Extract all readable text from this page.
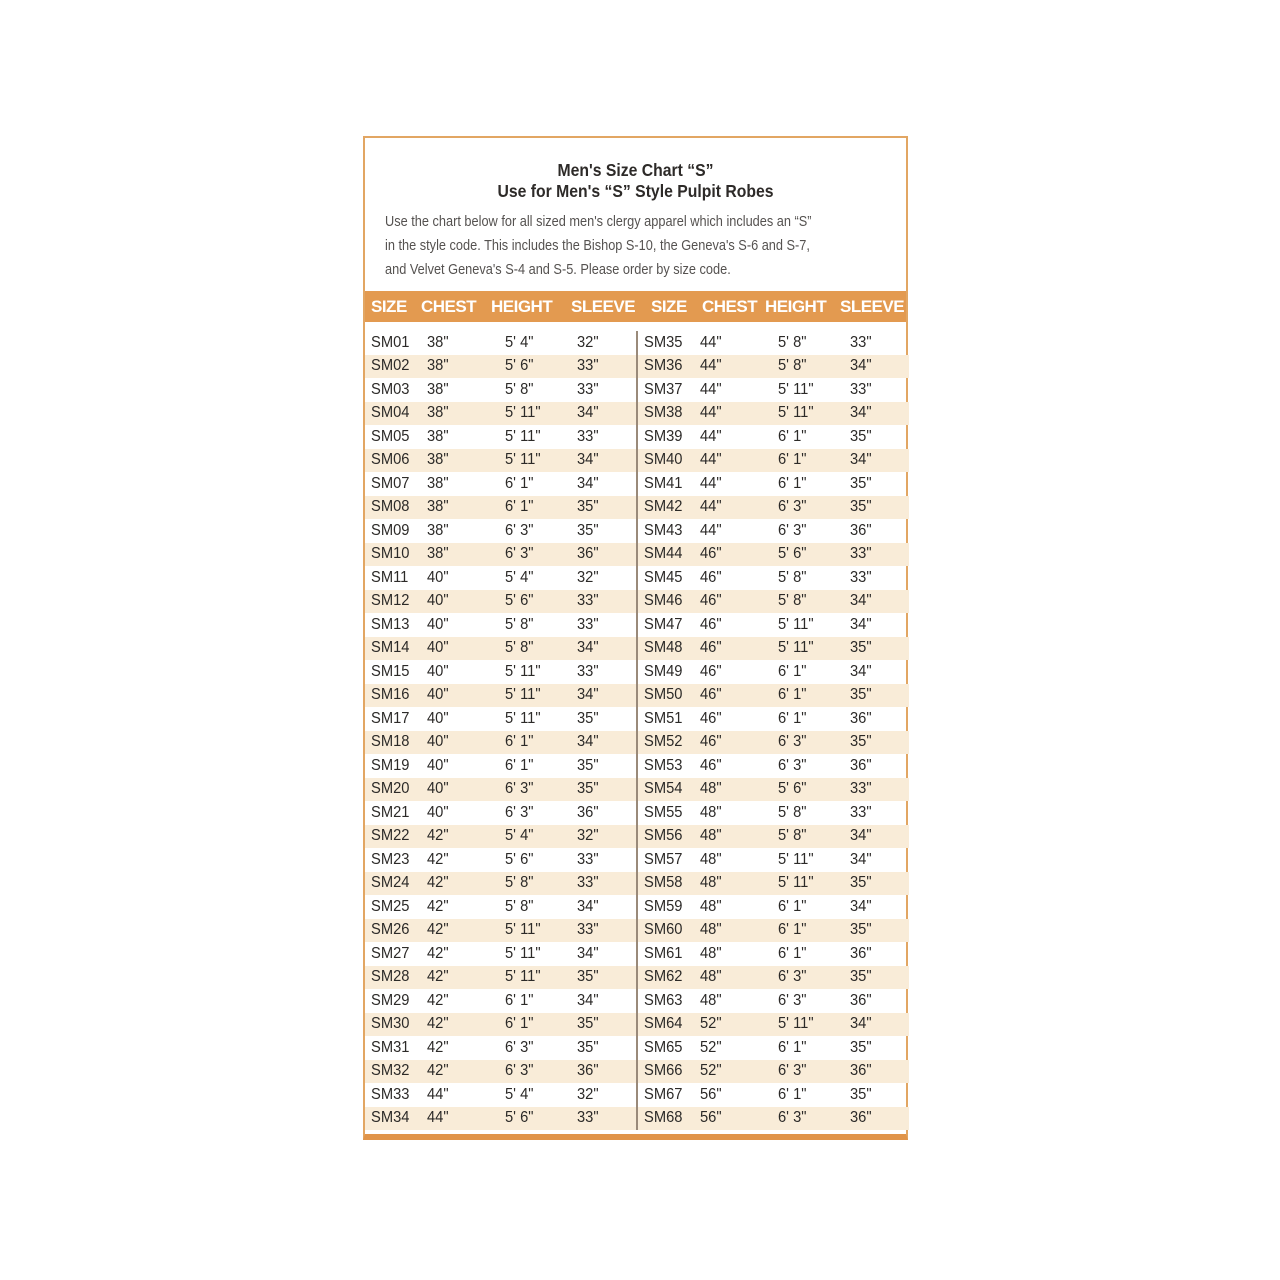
Men's Size Chart “S”
Use for Men's “S” Style Pulpit Robes
Use the chart below for all sized men's clergy apparel which includes an “S”
in the style code. This includes the Bishop S-10, the Geneva's S-6 and S-7,
and Velvet Geneva's S-4 and S-5. Please order by size code.
SIZE CHEST HEIGHT	SLEEVE SIZE CHEST HEIGHT SLEEVE
SM01	38"	5' 4"	32"
SM02	38"	5' 6"	33"
SM03	38"	5' 8"	33"
SM04	38"	5' 11"	34"
SM05	38"	5' 11"	33"
SM06	38"	5' 11"	34"
SM07	38"	6' 1"	34"
SM08	38"	6' 1"	35"
SM09	38"	6' 3"	35"
SM10	38"	6' 3"	36"
SM11	40"	5' 4"	32"
SM12	40"	5' 6"	33"
SM13	40"	5' 8"	33"
SM14	40"	5' 8"	34"
SM15	40"	5' 11"	33"
SM16	40"	5' 11"	34"
SM17	40"	5' 11"	35"
SM18	40"	6' 1"	34"
SM19	40"	6' 1"	35"
SM20	40"	6' 3"	35"
SM21	40"	6' 3"	36"
SM22	42"	5' 4"	32"
SM23	42"	5' 6"	33"
SM24	42"	5' 8"	33"
SM25	42"	5' 8"	34"
SM26	42"	5' 11"	33"
SM27	42"	5' 11"	34"
SM28	42"	5' 11"	35"
SM29	42"	6' 1"	34"
SM30	42"	6' 1"	35"
SM31	42"	6' 3"	35"
SM32	42"	6' 3"	36"
SM33	44"	5' 4"	32"
SM34	44"	5' 6"	33"
SM35	44"	5' 8"	33"
SM36	44"	5' 8"	34"
SM37	44"	5' 11"	33"
SM38	44"	5' 11"	34"
SM39	44"	6' 1"	35"
SM40	44"	6' 1"	34"
SM41	44"	6' 1"	35"
SM42	44"	6' 3"	35"
SM43	44"	6' 3"	36"
SM44	46"	5' 6"	33"
SM45	46"	5' 8"	33"
SM46	46"	5' 8"	34"
SM47	46"	5' 11"	34"
SM48	46"	5' 11"	35"
SM49	46"	6' 1"	34"
SM50	46"	6' 1"	35"
SM51	46"	6' 1"	36"
SM52	46"	6' 3"	35"
SM53	46"	6' 3"	36"
SM54	48"	5' 6"	33"
SM55	48"	5' 8"	33"
SM56	48"	5' 8"	34"
SM57	48"	5' 11"	34"
SM58	48"	5' 11"	35"
SM59	48"	6' 1"	34"
SM60	48"	6' 1"	35"
SM61	48"	6' 1"	36"
SM62	48"	6' 3"	35"
SM63	48"	6' 3"	36"
SM64	52"	5' 11"	34"
SM65	52"	6' 1"	35"
SM66	52"	6' 3"	36"
SM67	56"	6' 1"	35"
SM68	56"	6' 3"	36"
